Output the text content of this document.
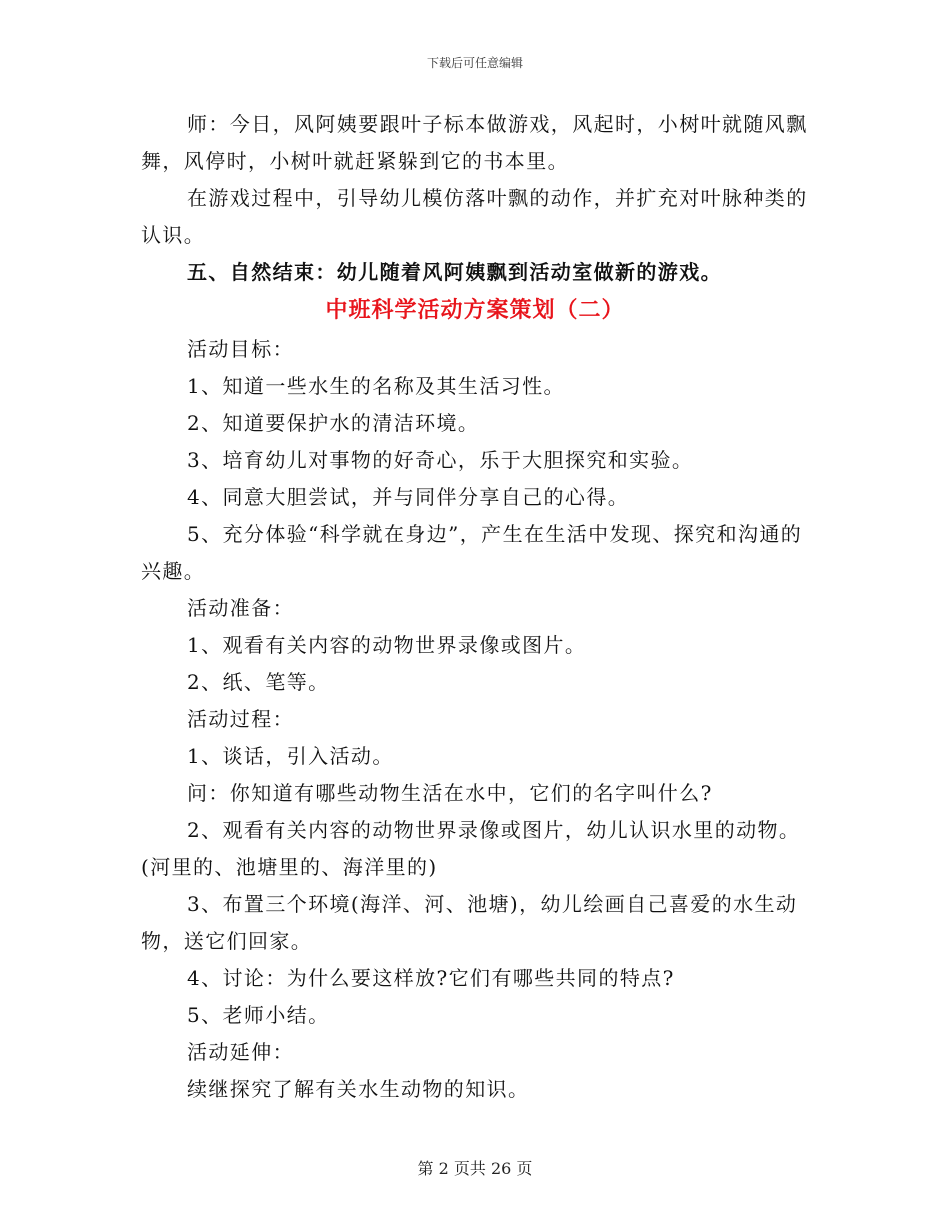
下载后可任意编辑

师：今日，风阿姨要跟叶子标本做游戏，风起时，小树叶就随风飘舞，风停时，小树叶就赶紧躲到它的书本里。

在游戏过程中，引导幼儿模仿落叶飘的动作，并扩充对叶脉种类的认识。

五、自然结束：幼儿随着风阿姨飘到活动室做新的游戏。

中班科学活动方案策划（二）

活动目标：

1、知道一些水生的名称及其生活习性。

2、知道要保护水的清洁环境。

3、培育幼儿对事物的好奇心，乐于大胆探究和实验。

4、同意大胆尝试，并与同伴分享自己的心得。

5、充分体验“科学就在身边”，产生在生活中发现、探究和沟通的兴趣。

活动准备：

1、观看有关内容的动物世界录像或图片。

2、纸、笔等。

活动过程：

1、谈话，引入活动。

问：你知道有哪些动物生活在水中，它们的名字叫什么?

2、观看有关内容的动物世界录像或图片，幼儿认识水里的动物。(河里的、池塘里的、海洋里的)

3、布置三个环境(海洋、河、池塘)，幼儿绘画自己喜爱的水生动物，送它们回家。

4、讨论：为什么要这样放?它们有哪些共同的特点?

5、老师小结。

活动延伸：

续继探究了解有关水生动物的知识。

第 2 页共 26 页
